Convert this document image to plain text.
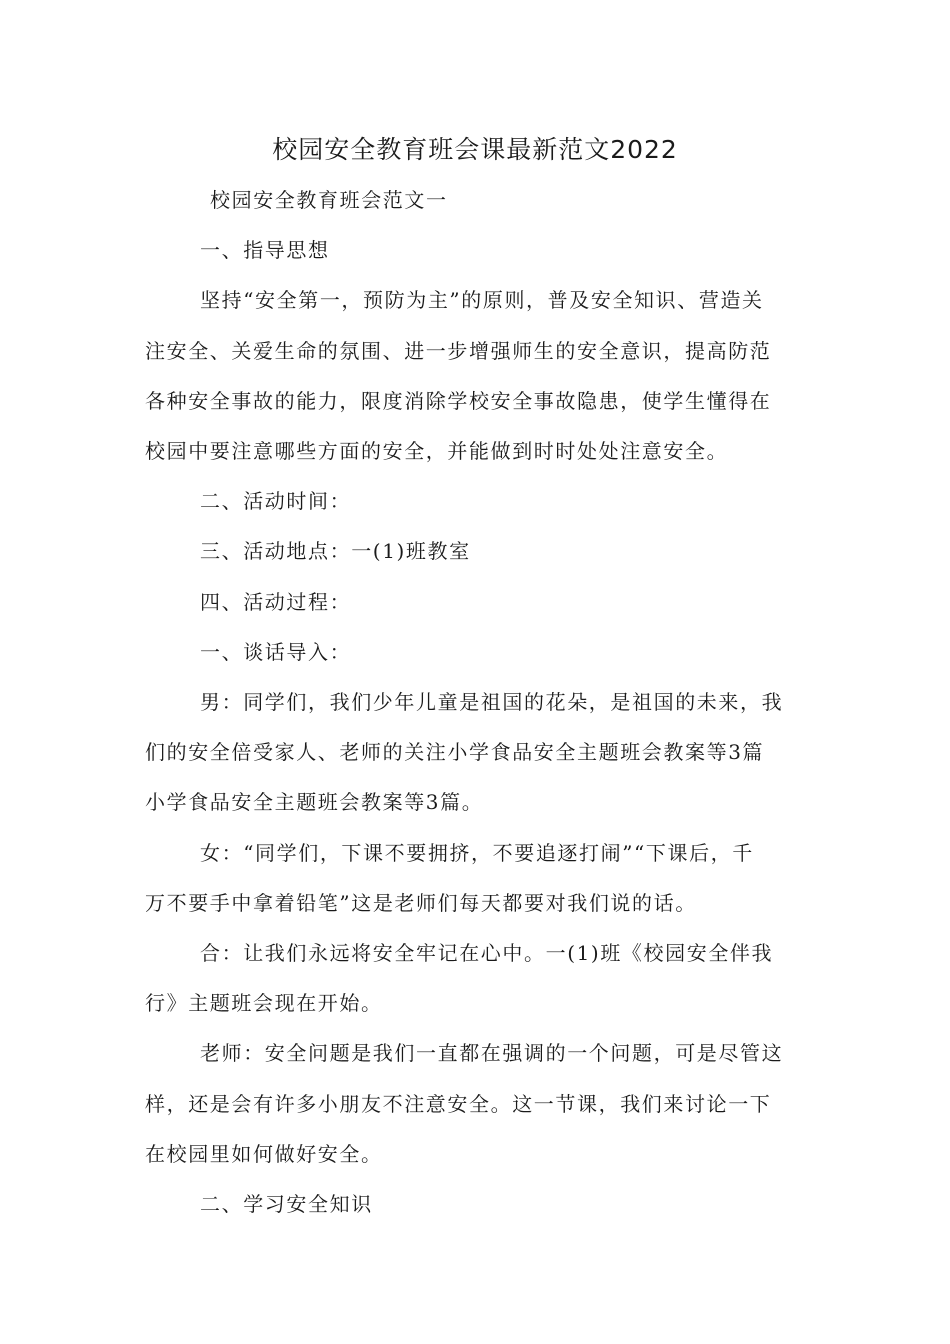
校园安全教育班会课最新范文2022

校园安全教育班会范文一

一、指导思想

坚持“安全第一，预防为主”的原则，普及安全知识、营造关

注安全、关爱生命的氛围、进一步增强师生的安全意识，提高防范

各种安全事故的能力，限度消除学校安全事故隐患，使学生懂得在

校园中要注意哪些方面的安全，并能做到时时处处注意安全。

二、活动时间：

三、活动地点：一(1)班教室

四、活动过程：

一、谈话导入：

男：同学们，我们少年儿童是祖国的花朵，是祖国的未来，我

们的安全倍受家人、老师的关注小学食品安全主题班会教案等3篇

小学食品安全主题班会教案等3篇。

女：“同学们，下课不要拥挤，不要追逐打闹”“下课后，千

万不要手中拿着铅笔”这是老师们每天都要对我们说的话。

合：让我们永远将安全牢记在心中。一(1)班《校园安全伴我

行》主题班会现在开始。

老师：安全问题是我们一直都在强调的一个问题，可是尽管这

样，还是会有许多小朋友不注意安全。这一节课，我们来讨论一下

在校园里如何做好安全。

二、学习安全知识
